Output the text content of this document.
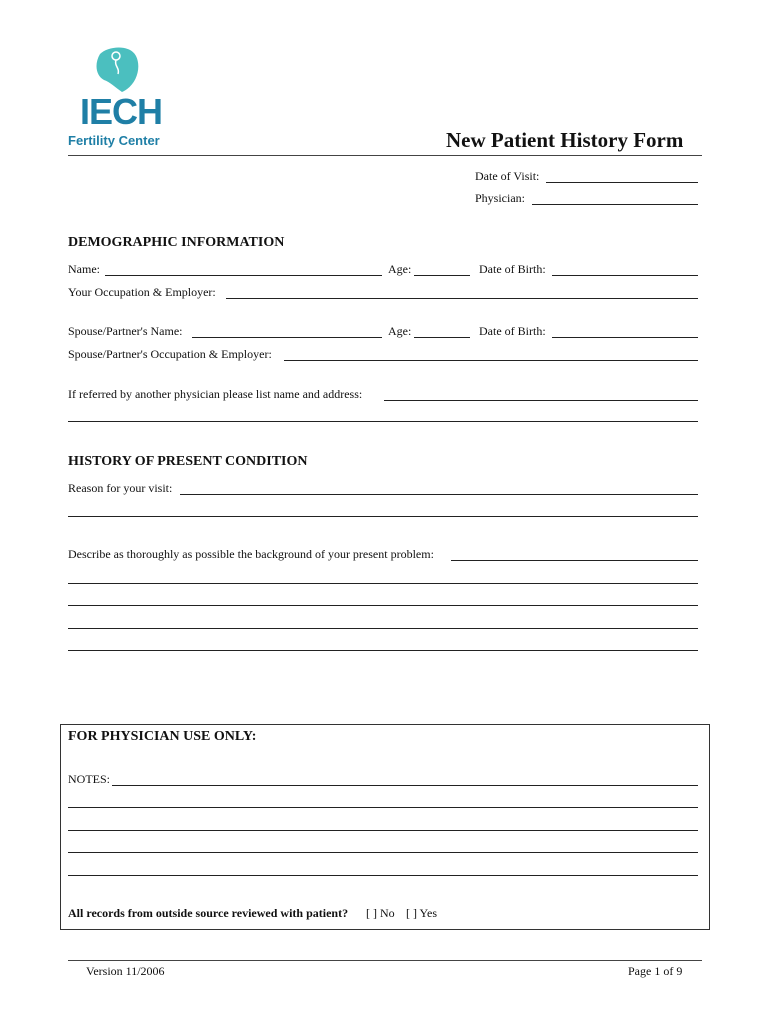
IECH
Fertility Center	New Patient History Form
Date of Visit:
Physician:
DEMOGRAPHIC INFORMATION
Name:	Age:	Date of Birth:
Your Occupation & Employer:
Spouse/Partner's Name:	Age:	Date of Birth:
Spouse/Partner's Occupation & Employer:
If referred by another physician please list name and address:
HISTORY OF PRESENT CONDITION
Reason for your visit:
Describe as thoroughly as possible the background of your present problem:
FOR PHYSICIAN USE ONLY:
NOTES:
All records from outside source reviewed with patient? [ ] No [ ] Yes
Version 11/2006	Page 1 of 9
